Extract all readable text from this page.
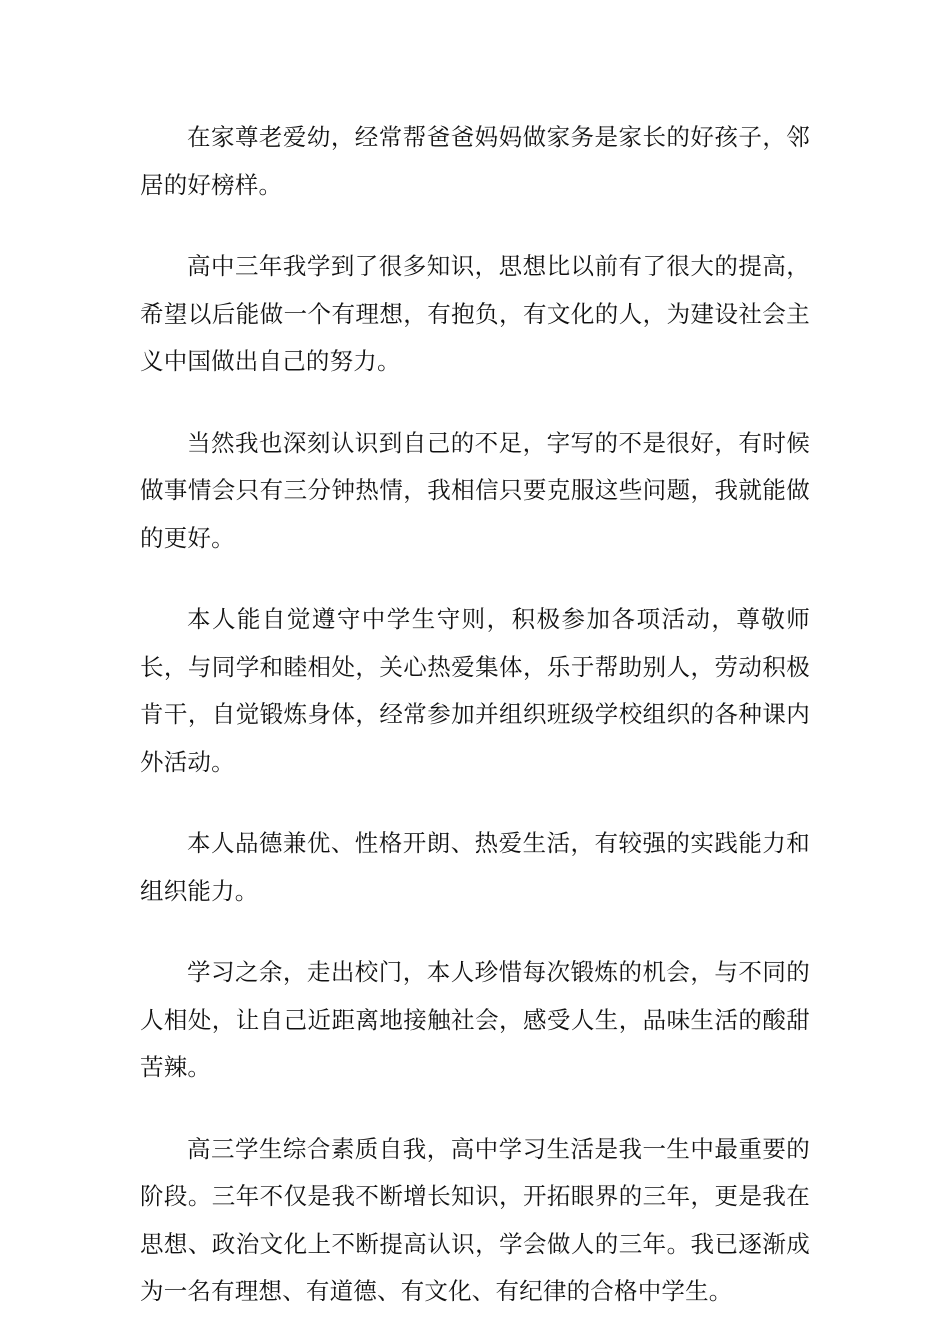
在家尊老爱幼，经常帮爸爸妈妈做家务是家长的好孩子，邻居的好榜样。

高中三年我学到了很多知识，思想比以前有了很大的提高，希望以后能做一个有理想，有抱负，有文化的人，为建设社会主义中国做出自己的努力。

当然我也深刻认识到自己的不足，字写的不是很好，有时候做事情会只有三分钟热情，我相信只要克服这些问题，我就能做的更好。

本人能自觉遵守中学生守则，积极参加各项活动，尊敬师长，与同学和睦相处，关心热爱集体，乐于帮助别人，劳动积极肯干，自觉锻炼身体，经常参加并组织班级学校组织的各种课内外活动。

本人品德兼优、性格开朗、热爱生活，有较强的实践能力和组织能力。

学习之余，走出校门，本人珍惜每次锻炼的机会，与不同的人相处，让自己近距离地接触社会，感受人生，品味生活的酸甜苦辣。

高三学生综合素质自我，高中学习生活是我一生中最重要的阶段。三年不仅是我不断增长知识，开拓眼界的三年，更是我在思想、政治文化上不断提高认识，学会做人的三年。我已逐渐成为一名有理想、有道德、有文化、有纪律的合格中学生。
